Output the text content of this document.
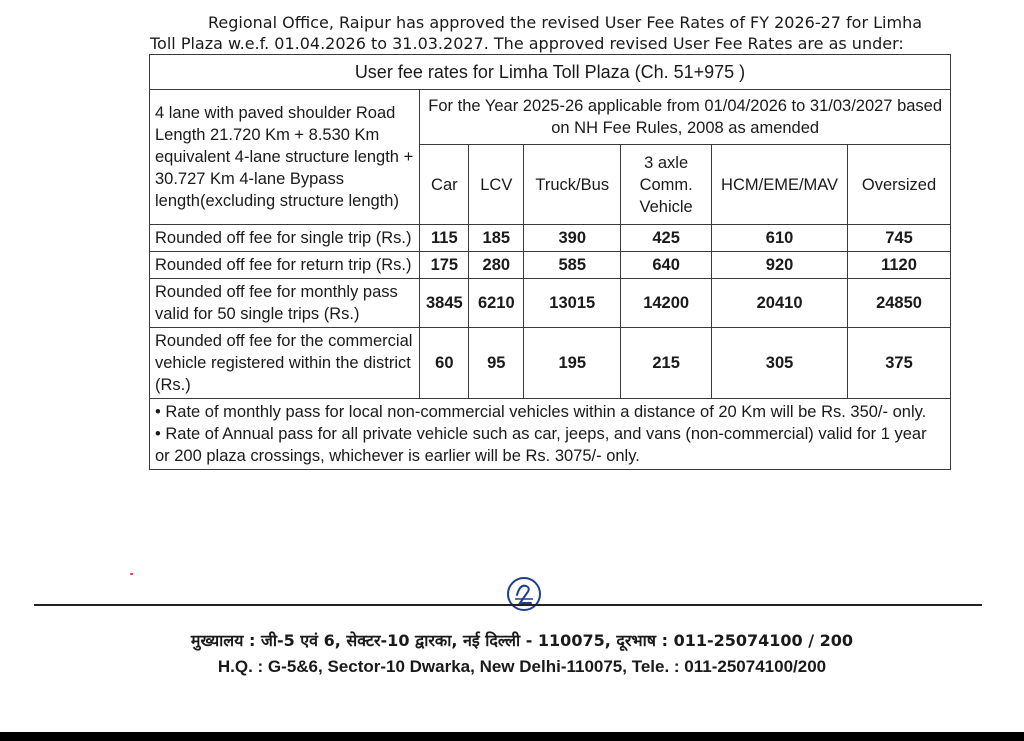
Regional Office, Raipur has approved the revised User Fee Rates of FY 2026-27 for Limha
Toll Plaza w.e.f. 01.04.2026 to 31.03.2027. The approved revised User Fee Rates are as under:
User fee rates for Limha Toll Plaza (Ch. 51+975 )						
4 lane with paved shoulder Road Length 21.720 Km + 8.530 Km equivalent 4-lane structure length + 30.727 Km 4-lane Bypass length(excluding structure length)	For the Year 2025-26 applicable from 01/04/2026 to 31/03/2027 based on NH Fee Rules, 2008 as amended					
	Car	LCV	Truck/Bus	3 axle Comm. Vehicle	HCM/EME/MAV	Oversized
Rounded off fee for single trip (Rs.)	115	185	390	425	610	745
Rounded off fee for return trip (Rs.)	175	280	585	640	920	1120
Rounded off fee for monthly pass valid for 50 single trips (Rs.)	3845	6210	13015	14200	20410	24850
Rounded off fee for the commercial vehicle registered within the district (Rs.)	60	95	195	215	305	375

• Rate of monthly pass for local non-commercial vehicles within a distance of 20 Km will be Rs. 350/- only.
• Rate of Annual pass for all private vehicle such as car, jeeps, and vans (non-commercial) valid for 1 year or 200 plaza crossings, whichever is earlier will be Rs. 3075/- only.						
मुख्यालय : जी-5 एवं 6, सेक्टर-10 द्वारका, नई दिल्ली - 110075, दूरभाष : 011-25074100 / 200
H.Q. : G-5&6, Sector-10 Dwarka, New Delhi-110075, Tele. : 011-25074100/200
